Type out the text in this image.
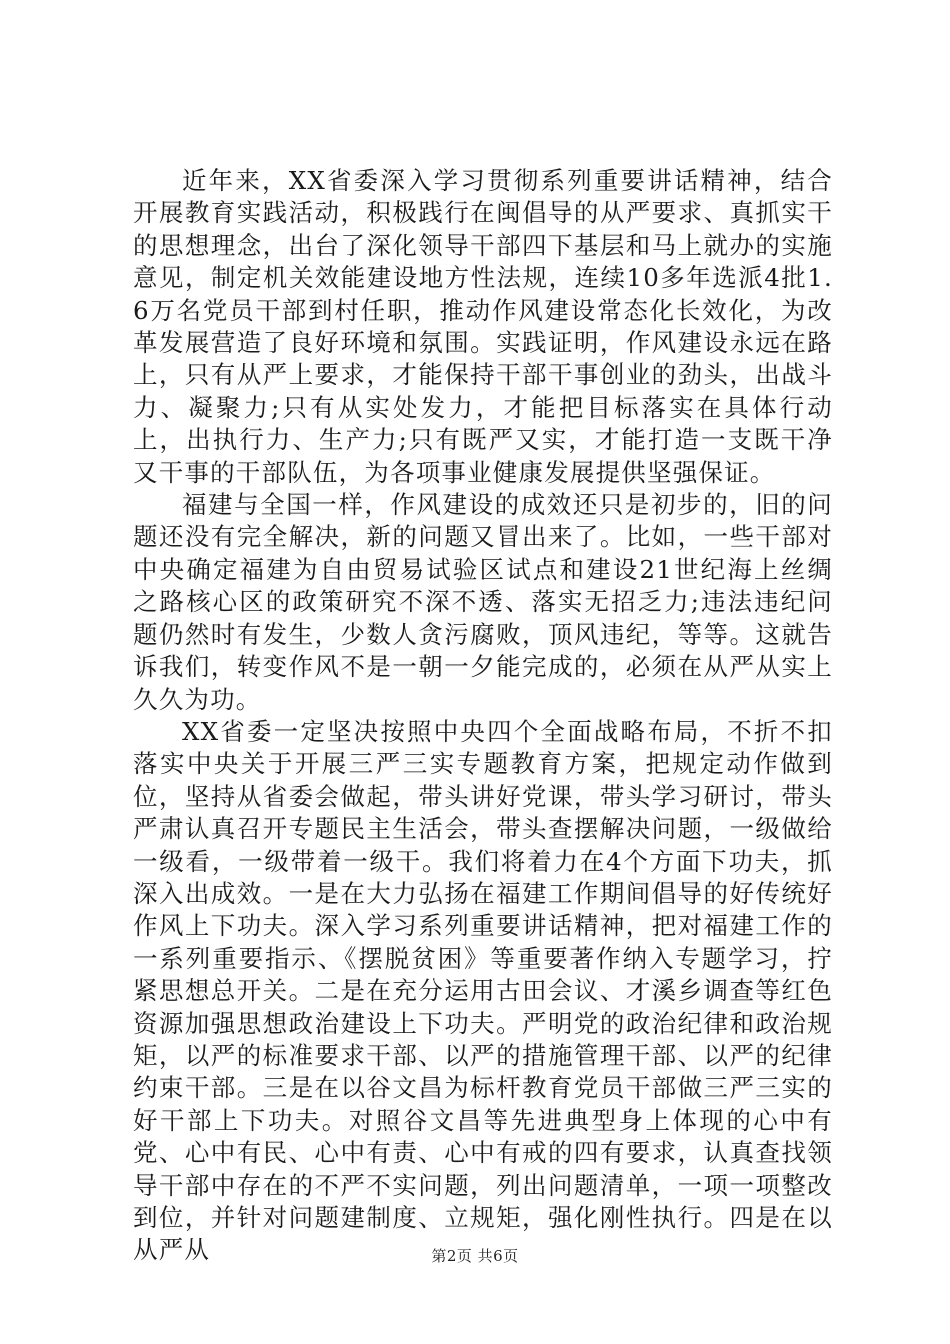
近年来，XX省委深入学习贯彻系列重要讲话精神，结合开展教育实践活动，积极践行在闽倡导的从严要求、真抓实干的思想理念，出台了深化领导干部四下基层和马上就办的实施意见，制定机关效能建设地方性法规，连续10多年选派4批1.6万名党员干部到村任职，推动作风建设常态化长效化，为改革发展营造了良好环境和氛围。实践证明，作风建设永远在路上，只有从严上要求，才能保持干部干事创业的劲头，出战斗力、凝聚力;只有从实处发力，才能把目标落实在具体行动上，出执行力、生产力;只有既严又实，才能打造一支既干净又干事的干部队伍，为各项事业健康发展提供坚强保证。

福建与全国一样，作风建设的成效还只是初步的，旧的问题还没有完全解决，新的问题又冒出来了。比如，一些干部对中央确定福建为自由贸易试验区试点和建设21世纪海上丝绸之路核心区的政策研究不深不透、落实无招乏力;违法违纪问题仍然时有发生，少数人贪污腐败，顶风违纪，等等。这就告诉我们，转变作风不是一朝一夕能完成的，必须在从严从实上久久为功。

XX省委一定坚决按照中央四个全面战略布局，不折不扣落实中央关于开展三严三实专题教育方案，把规定动作做到位，坚持从省委会做起，带头讲好党课，带头学习研讨，带头严肃认真召开专题民主生活会，带头查摆解决问题，一级做给一级看，一级带着一级干。我们将着力在4个方面下功夫，抓深入出成效。一是在大力弘扬在福建工作期间倡导的好传统好作风上下功夫。深入学习系列重要讲话精神，把对福建工作的一系列重要指示、《摆脱贫困》等重要著作纳入专题学习，拧紧思想总开关。二是在充分运用古田会议、才溪乡调查等红色资源加强思想政治建设上下功夫。严明党的政治纪律和政治规矩，以严的标准要求干部、以严的措施管理干部、以严的纪律约束干部。三是在以谷文昌为标杆教育党员干部做三严三实的好干部上下功夫。对照谷文昌等先进典型身上体现的心中有党、心中有民、心中有责、心中有戒的四有要求，认真查找领导干部中存在的不严不实问题，列出问题清单，一项一项整改到位，并针对问题建制度、立规矩，强化刚性执行。四是在以从严从	第2页 共6页
